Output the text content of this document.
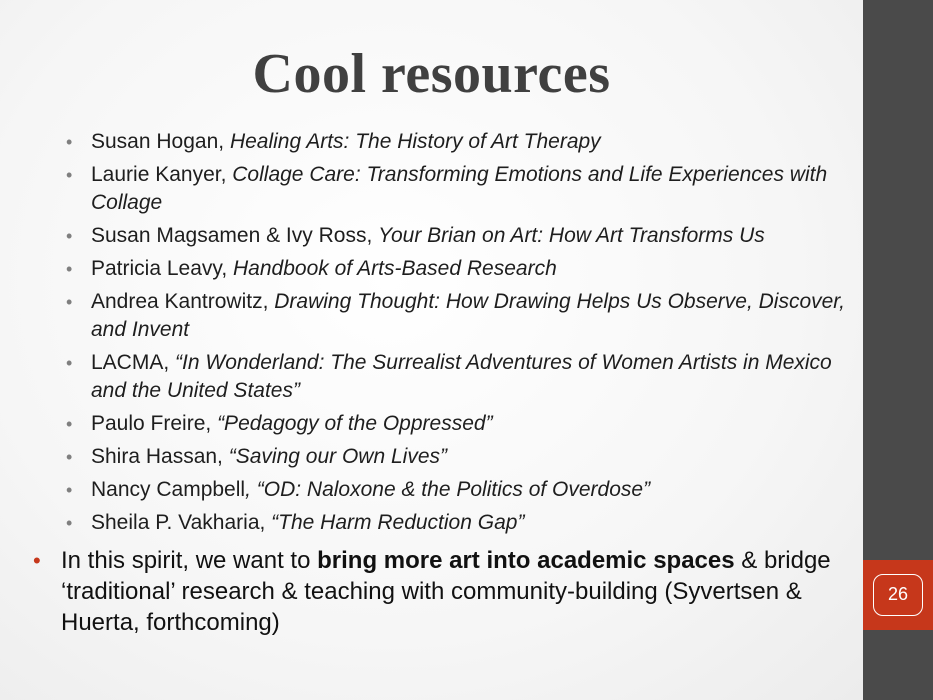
26
Cool resources
• Susan Hogan, Healing Arts: The History of Art Therapy
• Laurie Kanyer, Collage Care: Transforming Emotions and Life Experiences with Collage
• Susan Magsamen & Ivy Ross, Your Brian on Art: How Art Transforms Us
• Patricia Leavy, Handbook of Arts-Based Research
• Andrea Kantrowitz, Drawing Thought: How Drawing Helps Us Observe, Discover, and Invent
• LACMA, “In Wonderland: The Surrealist Adventures of Women Artists in Mexico and the United States”
• Paulo Freire, “Pedagogy of the Oppressed”
• Shira Hassan, “Saving our Own Lives”
• Nancy Campbell, “OD: Naloxone & the Politics of Overdose”
• Sheila P. Vakharia, “The Harm Reduction Gap”
• In this spirit, we want to bring more art into academic spaces & bridge ‘traditional’ research & teaching with community-building (Syvertsen & Huerta, forthcoming)
